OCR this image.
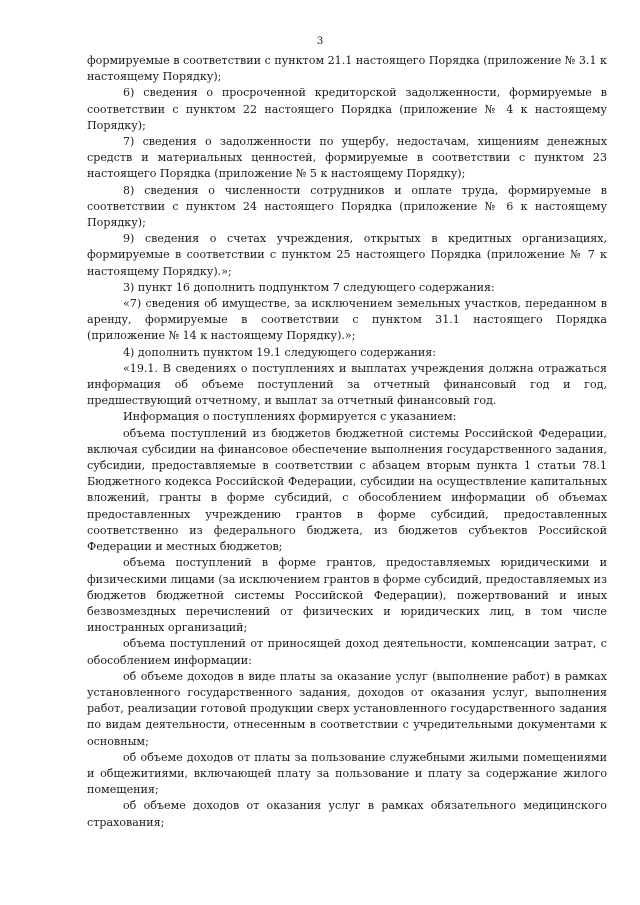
3

формируемые в соответствии с пунктом 21.1 настоящего Порядка (приложение № 3.1 к настоящему Порядку);

6) сведения о просроченной кредиторской задолженности, формируемые в соответствии с пунктом 22 настоящего Порядка (приложение № 4 к настоящему Порядку);

7) сведения о задолженности по ущербу, недостачам, хищениям денежных средств и материальных ценностей, формируемые в соответствии с пунктом 23 настоящего Порядка (приложение № 5 к настоящему Порядку);

8) сведения о численности сотрудников и оплате труда, формируемые в соответствии с пунктом 24 настоящего Порядка (приложение № 6 к настоящему Порядку);

9) сведения о счетах учреждения, открытых в кредитных организациях, формируемые в соответствии с пунктом 25 настоящего Порядка (приложение № 7 к настоящему Порядку).»;

3) пункт 16 дополнить подпунктом 7 следующего содержания:

«7) сведения об имуществе, за исключением земельных участков, переданном в аренду, формируемые в соответствии с пунктом 31.1 настоящего Порядка (приложение № 14 к настоящему Порядку).»;

4) дополнить пунктом 19.1 следующего содержания:

«19.1. В сведениях о поступлениях и выплатах учреждения должна отражаться информация об объеме поступлений за отчетный финансовый год и год, предшествующий отчетному, и выплат за отчетный финансовый год.

Информация о поступлениях формируется с указанием:

объема поступлений из бюджетов бюджетной системы Российской Федерации, включая субсидии на финансовое обеспечение выполнения государственного задания, субсидии, предоставляемые в соответствии с абзацем вторым пункта 1 статьи 78.1 Бюджетного кодекса Российской Федерации, субсидии на осуществление капитальных вложений, гранты в форме субсидий, с обособлением информации об объемах предоставленных учреждению грантов в форме субсидий, предоставленных соответственно из федерального бюджета, из бюджетов субъектов Российской Федерации и местных бюджетов;

объема поступлений в форме грантов, предоставляемых юридическими и физическими лицами (за исключением грантов в форме субсидий, предоставляемых из бюджетов бюджетной системы Российской Федерации), пожертвований и иных безвозмездных перечислений от физических и юридических лиц, в том числе иностранных организаций;

объема поступлений от приносящей доход деятельности, компенсации затрат, с обособлением информации:

об объеме доходов в виде платы за оказание услуг (выполнение работ) в рамках установленного государственного задания, доходов от оказания услуг, выполнения работ, реализации готовой продукции сверх установленного государственного задания по видам деятельности, отнесенным в соответствии с учредительными документами к основным;

об объеме доходов от платы за пользование служебными жилыми помещениями и общежитиями, включающей плату за пользование и плату за содержание жилого помещения;

об объеме доходов от оказания услуг в рамках обязательного медицинского страхования;
